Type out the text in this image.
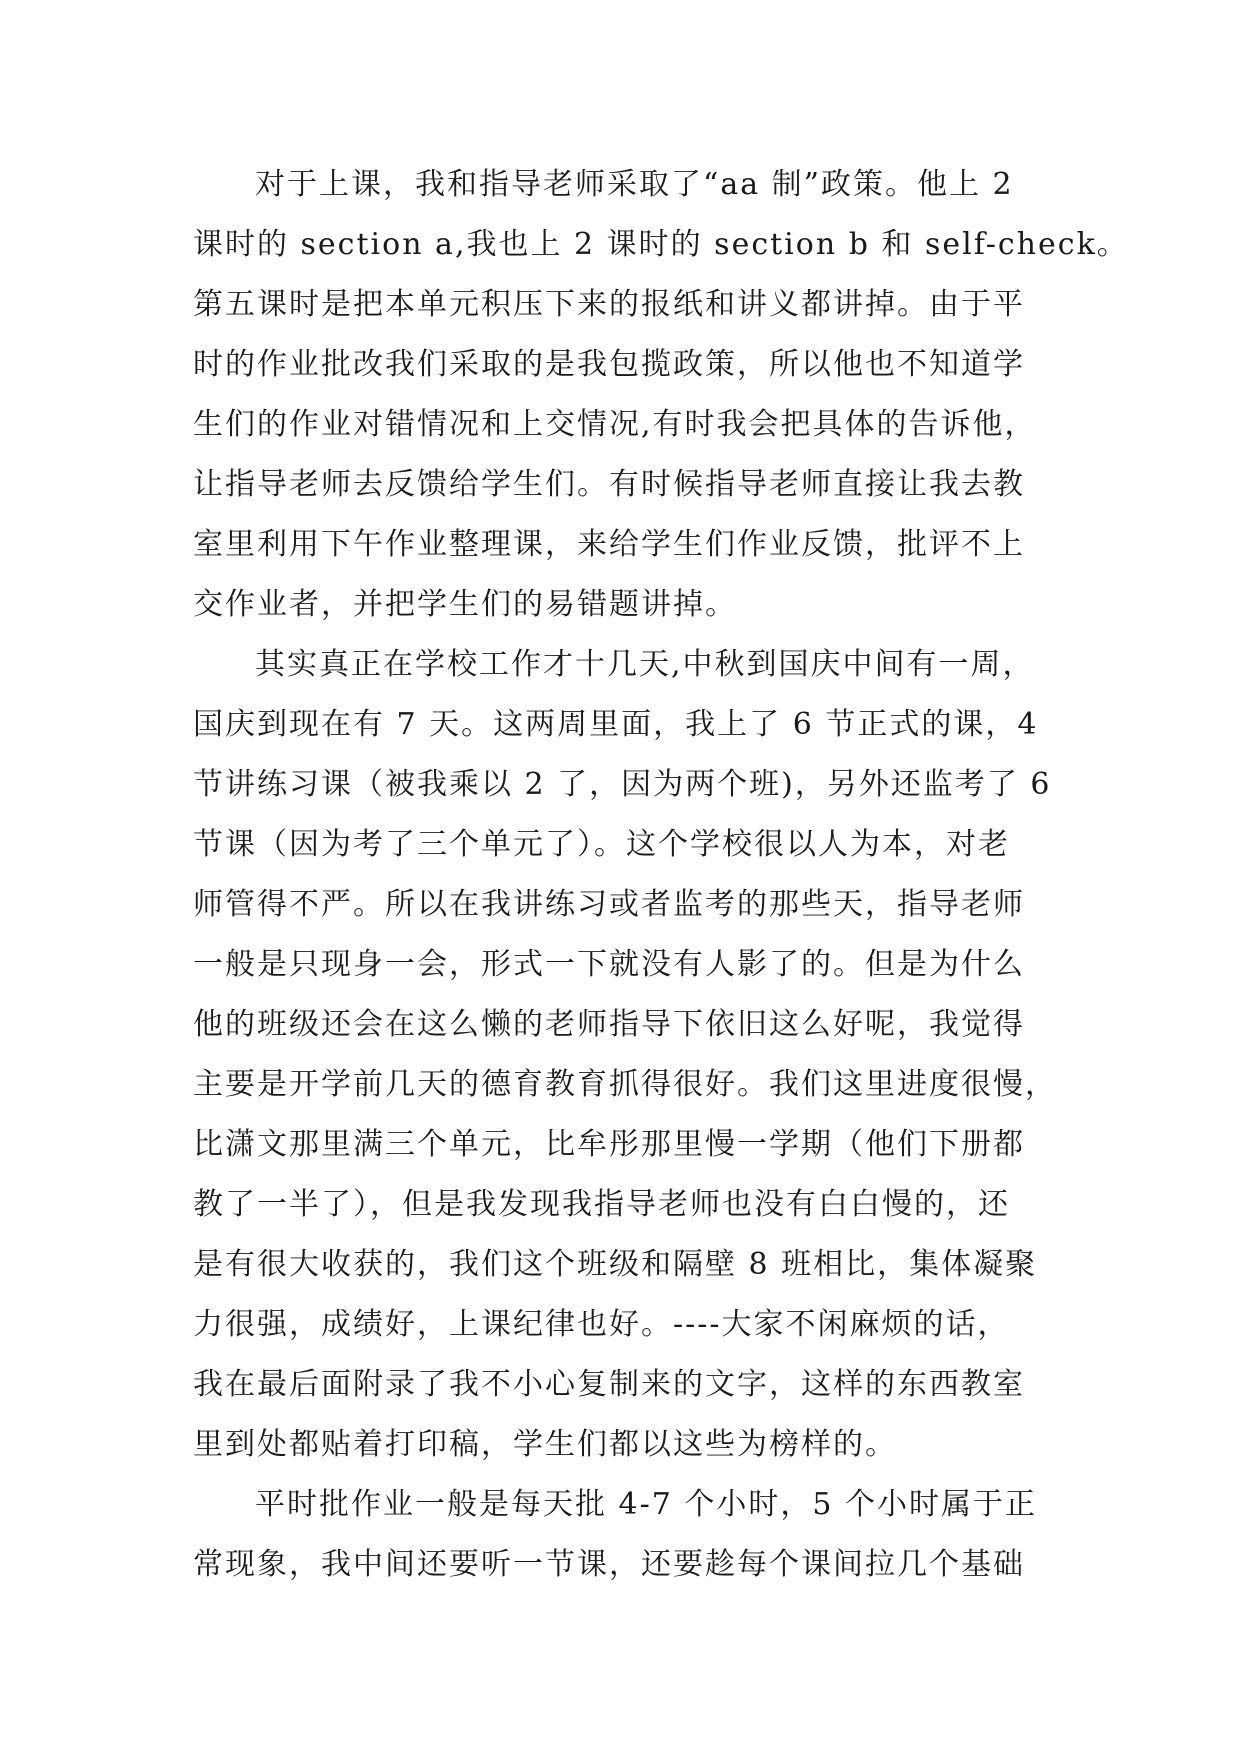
对于上课，我和指导老师采取了“aa 制”政策。他上 2
课时的 section a,我也上 2 课时的 section b 和 self-check。
第五课时是把本单元积压下来的报纸和讲义都讲掉。由于平
时的作业批改我们采取的是我包揽政策，所以他也不知道学
生们的作业对错情况和上交情况,有时我会把具体的告诉他，
让指导老师去反馈给学生们。有时候指导老师直接让我去教
室里利用下午作业整理课，来给学生们作业反馈，批评不上
交作业者，并把学生们的易错题讲掉。
其实真正在学校工作才十几天,中秋到国庆中间有一周，
国庆到现在有 7 天。这两周里面，我上了 6 节正式的课，4
节讲练习课（被我乘以 2 了，因为两个班)，另外还监考了 6
节课（因为考了三个单元了）。这个学校很以人为本，对老
师管得不严。所以在我讲练习或者监考的那些天，指导老师
一般是只现身一会，形式一下就没有人影了的。但是为什么
他的班级还会在这么懒的老师指导下依旧这么好呢，我觉得
主要是开学前几天的德育教育抓得很好。我们这里进度很慢，
比潇文那里满三个单元，比牟彤那里慢一学期（他们下册都
教了一半了），但是我发现我指导老师也没有白白慢的，还
是有很大收获的，我们这个班级和隔壁 8 班相比，集体凝聚
力很强，成绩好，上课纪律也好。----大家不闲麻烦的话，
我在最后面附录了我不小心复制来的文字，这样的东西教室
里到处都贴着打印稿，学生们都以这些为榜样的。
平时批作业一般是每天批 4-7 个小时，5 个小时属于正
常现象，我中间还要听一节课，还要趁每个课间拉几个基础
